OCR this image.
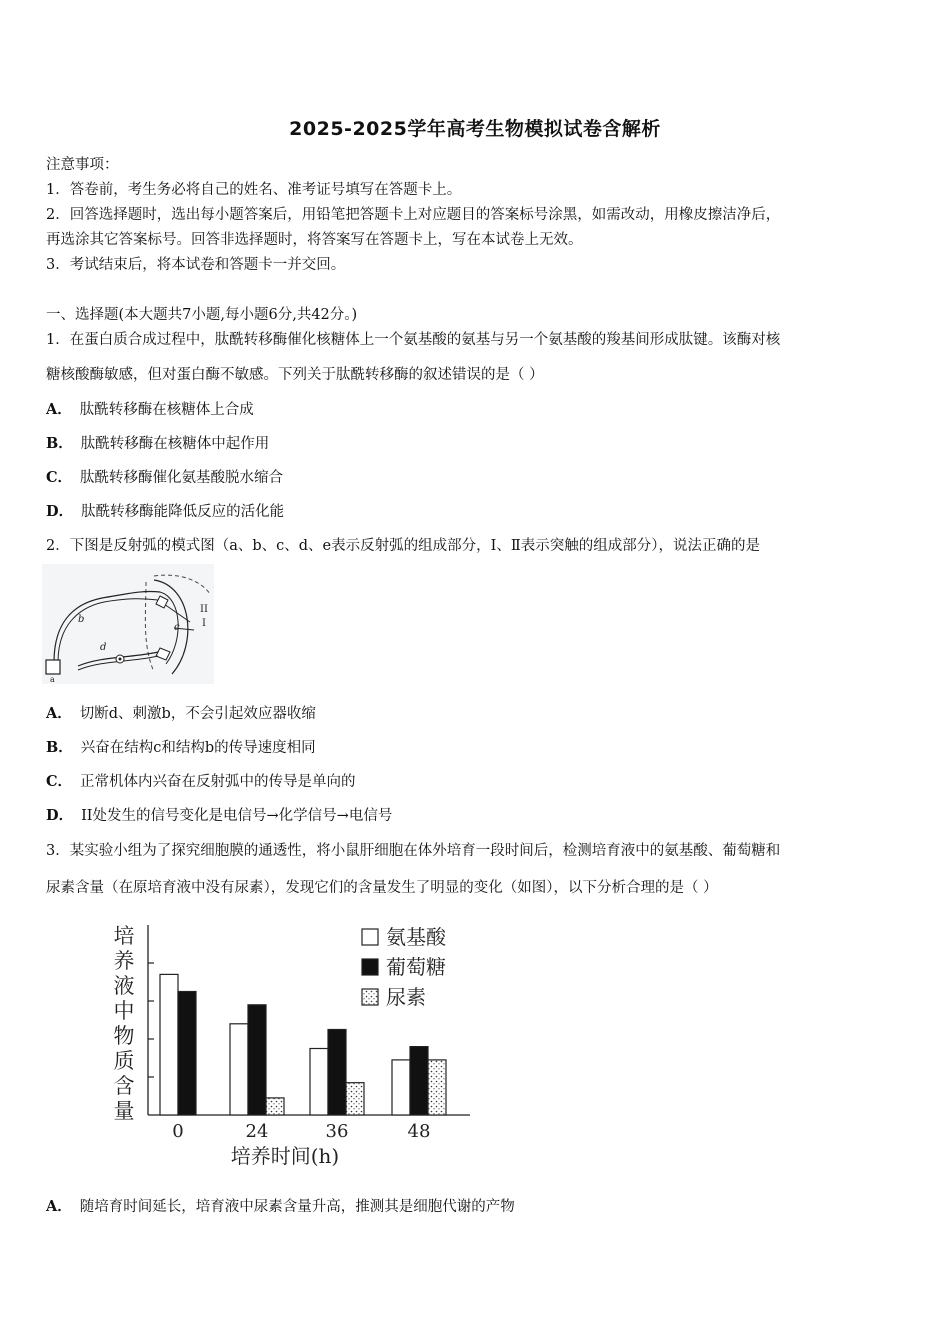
2025-2025学年高考生物模拟试卷含解析
注意事项：
1．答卷前，考生务必将自己的姓名、准考证号填写在答题卡上。
2．回答选择题时，选出每小题答案后，用铅笔把答题卡上对应题目的答案标号涂黑，如需改动，用橡皮擦洁净后，
再选涂其它答案标号。回答非选择题时，将答案写在答题卡上，写在本试卷上无效。
3．考试结束后，将本试卷和答题卡一并交回。
一、选择题(本大题共7小题,每小题6分,共42分。)
1．在蛋白质合成过程中，肽酰转移酶催化核糖体上一个氨基酸的氨基与另一个氨基酸的羧基间形成肽键。该酶对核
糖核酸酶敏感，但对蛋白酶不敏感。下列关于肽酰转移酶的叙述错误的是（ ）
A． 肽酰转移酶在核糖体上合成
B． 肽酰转移酶在核糖体中起作用
C． 肽酰转移酶催化氨基酸脱水缩合
D． 肽酰转移酶能降低反应的活化能
2．下图是反射弧的模式图（a、b、c、d、e表示反射弧的组成部分，I、Ⅱ表示突触的组成部分），说法正确的是
a
b
c
d
II
I
A． 切断d、刺激b，不会引起效应器收缩
B． 兴奋在结构c和结构b的传导速度相同
C． 正常机体内兴奋在反射弧中的传导是单向的
D． II处发生的信号变化是电信号→化学信号→电信号
3．某实验小组为了探究细胞膜的通透性，将小鼠肝细胞在体外培育一段时间后，检测培育液中的氨基酸、葡萄糖和
尿素含量（在原培育液中没有尿素），发现它们的含量发生了明显的变化（如图），以下分析合理的是（ ）
培
养
液
中
物
质
含
量
0	24	36	48
氨基酸
葡萄糖
尿素
培养时间(h)
A． 随培育时间延长，培育液中尿素含量升高，推测其是细胞代谢的产物
